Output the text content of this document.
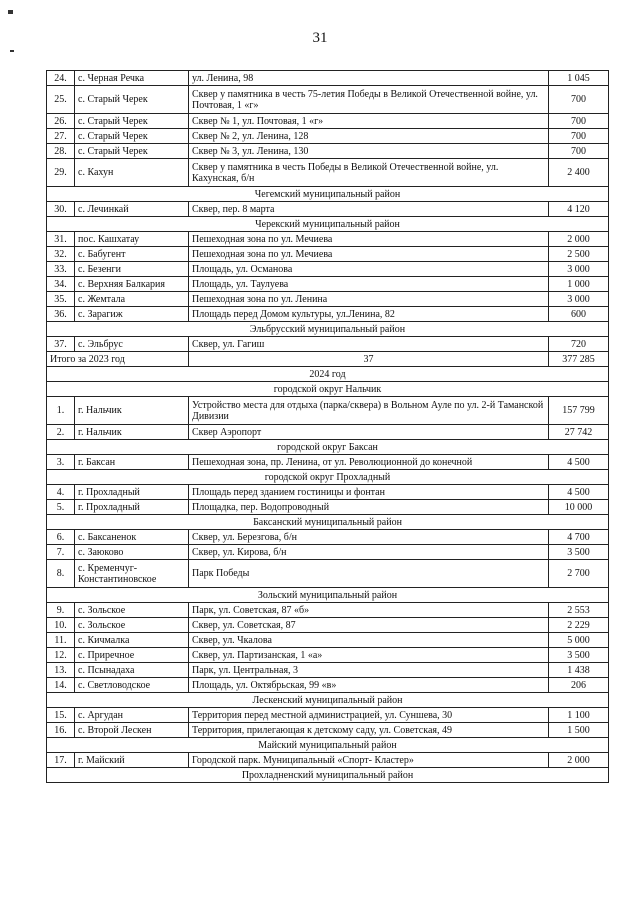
31
24.	с. Черная Речка	ул. Ленина, 98	1 045
25.	с. Старый Черек	Сквер у памятника в честь 75-летия Победы в Великой Отечественной войне, ул. Почтовая, 1 «г»	700
26.	с. Старый Черек	Сквер № 1, ул. Почтовая, 1 «г»	700
27.	с. Старый Черек	Сквер № 2, ул. Ленина, 128	700
28.	с. Старый Черек	Сквер № 3, ул. Ленина, 130	700
29.	с. Кахун	Сквер у памятника в честь Победы в Великой Отечественной войне, ул. Кахунская, б/н	2 400
Чегемский муниципальный район			
30.	с. Лечинкай	Сквер, пер. 8 марта	4 120
Черекский муниципальный район			
31.	пос. Кашхатау	Пешеходная зона по ул. Мечиева	2 000
32.	с. Бабугент	Пешеходная зона по ул. Мечиева	2 500
33.	с. Безенги	Площадь, ул. Османова	3 000
34.	с. Верхняя Балкария	Площадь, ул. Таулуева	1 000
35.	с. Жемтала	Пешеходная зона по ул. Ленина	3 000
36.	с. Зарагиж	Площадь перед Домом культуры, ул.Ленина, 82	600
Эльбрусский муниципальный район			
37.	с. Эльбрус	Сквер, ул. Гагиш	720
Итого за 2023 год		37	377 285
2024 год			
городской округ Нальчик			
1.	г. Нальчик	Устройство места для отдыха (парка/сквера) в Вольном Ауле по ул. 2-й Таманской Дивизии	157 799
2.	г. Нальчик	Сквер Аэропорт	27 742
городской округ Баксан			
3.	г. Баксан	Пешеходная зона, пр. Ленина, от ул. Революционной до конечной	4 500
городской округ Прохладный			
4.	г. Прохладный	Площадь перед зданием гостиницы и фонтан	4 500
5.	г. Прохладный	Площадка, пер. Водопроводный	10 000
Баксанский муниципальный район			
6.	с. Баксаненок	Сквер, ул. Березгова, б/н	4 700
7.	с. Заюково	Сквер, ул. Кирова, б/н	3 500
8.	с. Кременчуг-Константиновское	Парк Победы	2 700
Зольский муниципальный район			
9.	с. Зольское	Парк, ул. Советская, 87 «б»	2 553
10.	с. Зольское	Сквер, ул. Советская, 87	2 229
11.	с. Кичмалка	Сквер, ул. Чкалова	5 000
12.	с. Приречное	Сквер, ул. Партизанская, 1 «а»	3 500
13.	с. Псынадаха	Парк, ул. Центральная, 3	1 438
14.	с. Светловодское	Площадь, ул. Октябрьская, 99 «в»	206
Лескенский муниципальный район			
15.	с. Аргудан	Территория перед местной администрацией, ул. Суншева, 30	1 100
16.	с. Второй Лескен	Территория, прилегающая к детскому саду, ул. Советская, 49	1 500
Майский муниципальный район			
17.	г. Майский	Городской парк. Муниципальный «Спорт- Кластер»	2 000
Прохладненский муниципальный район			
